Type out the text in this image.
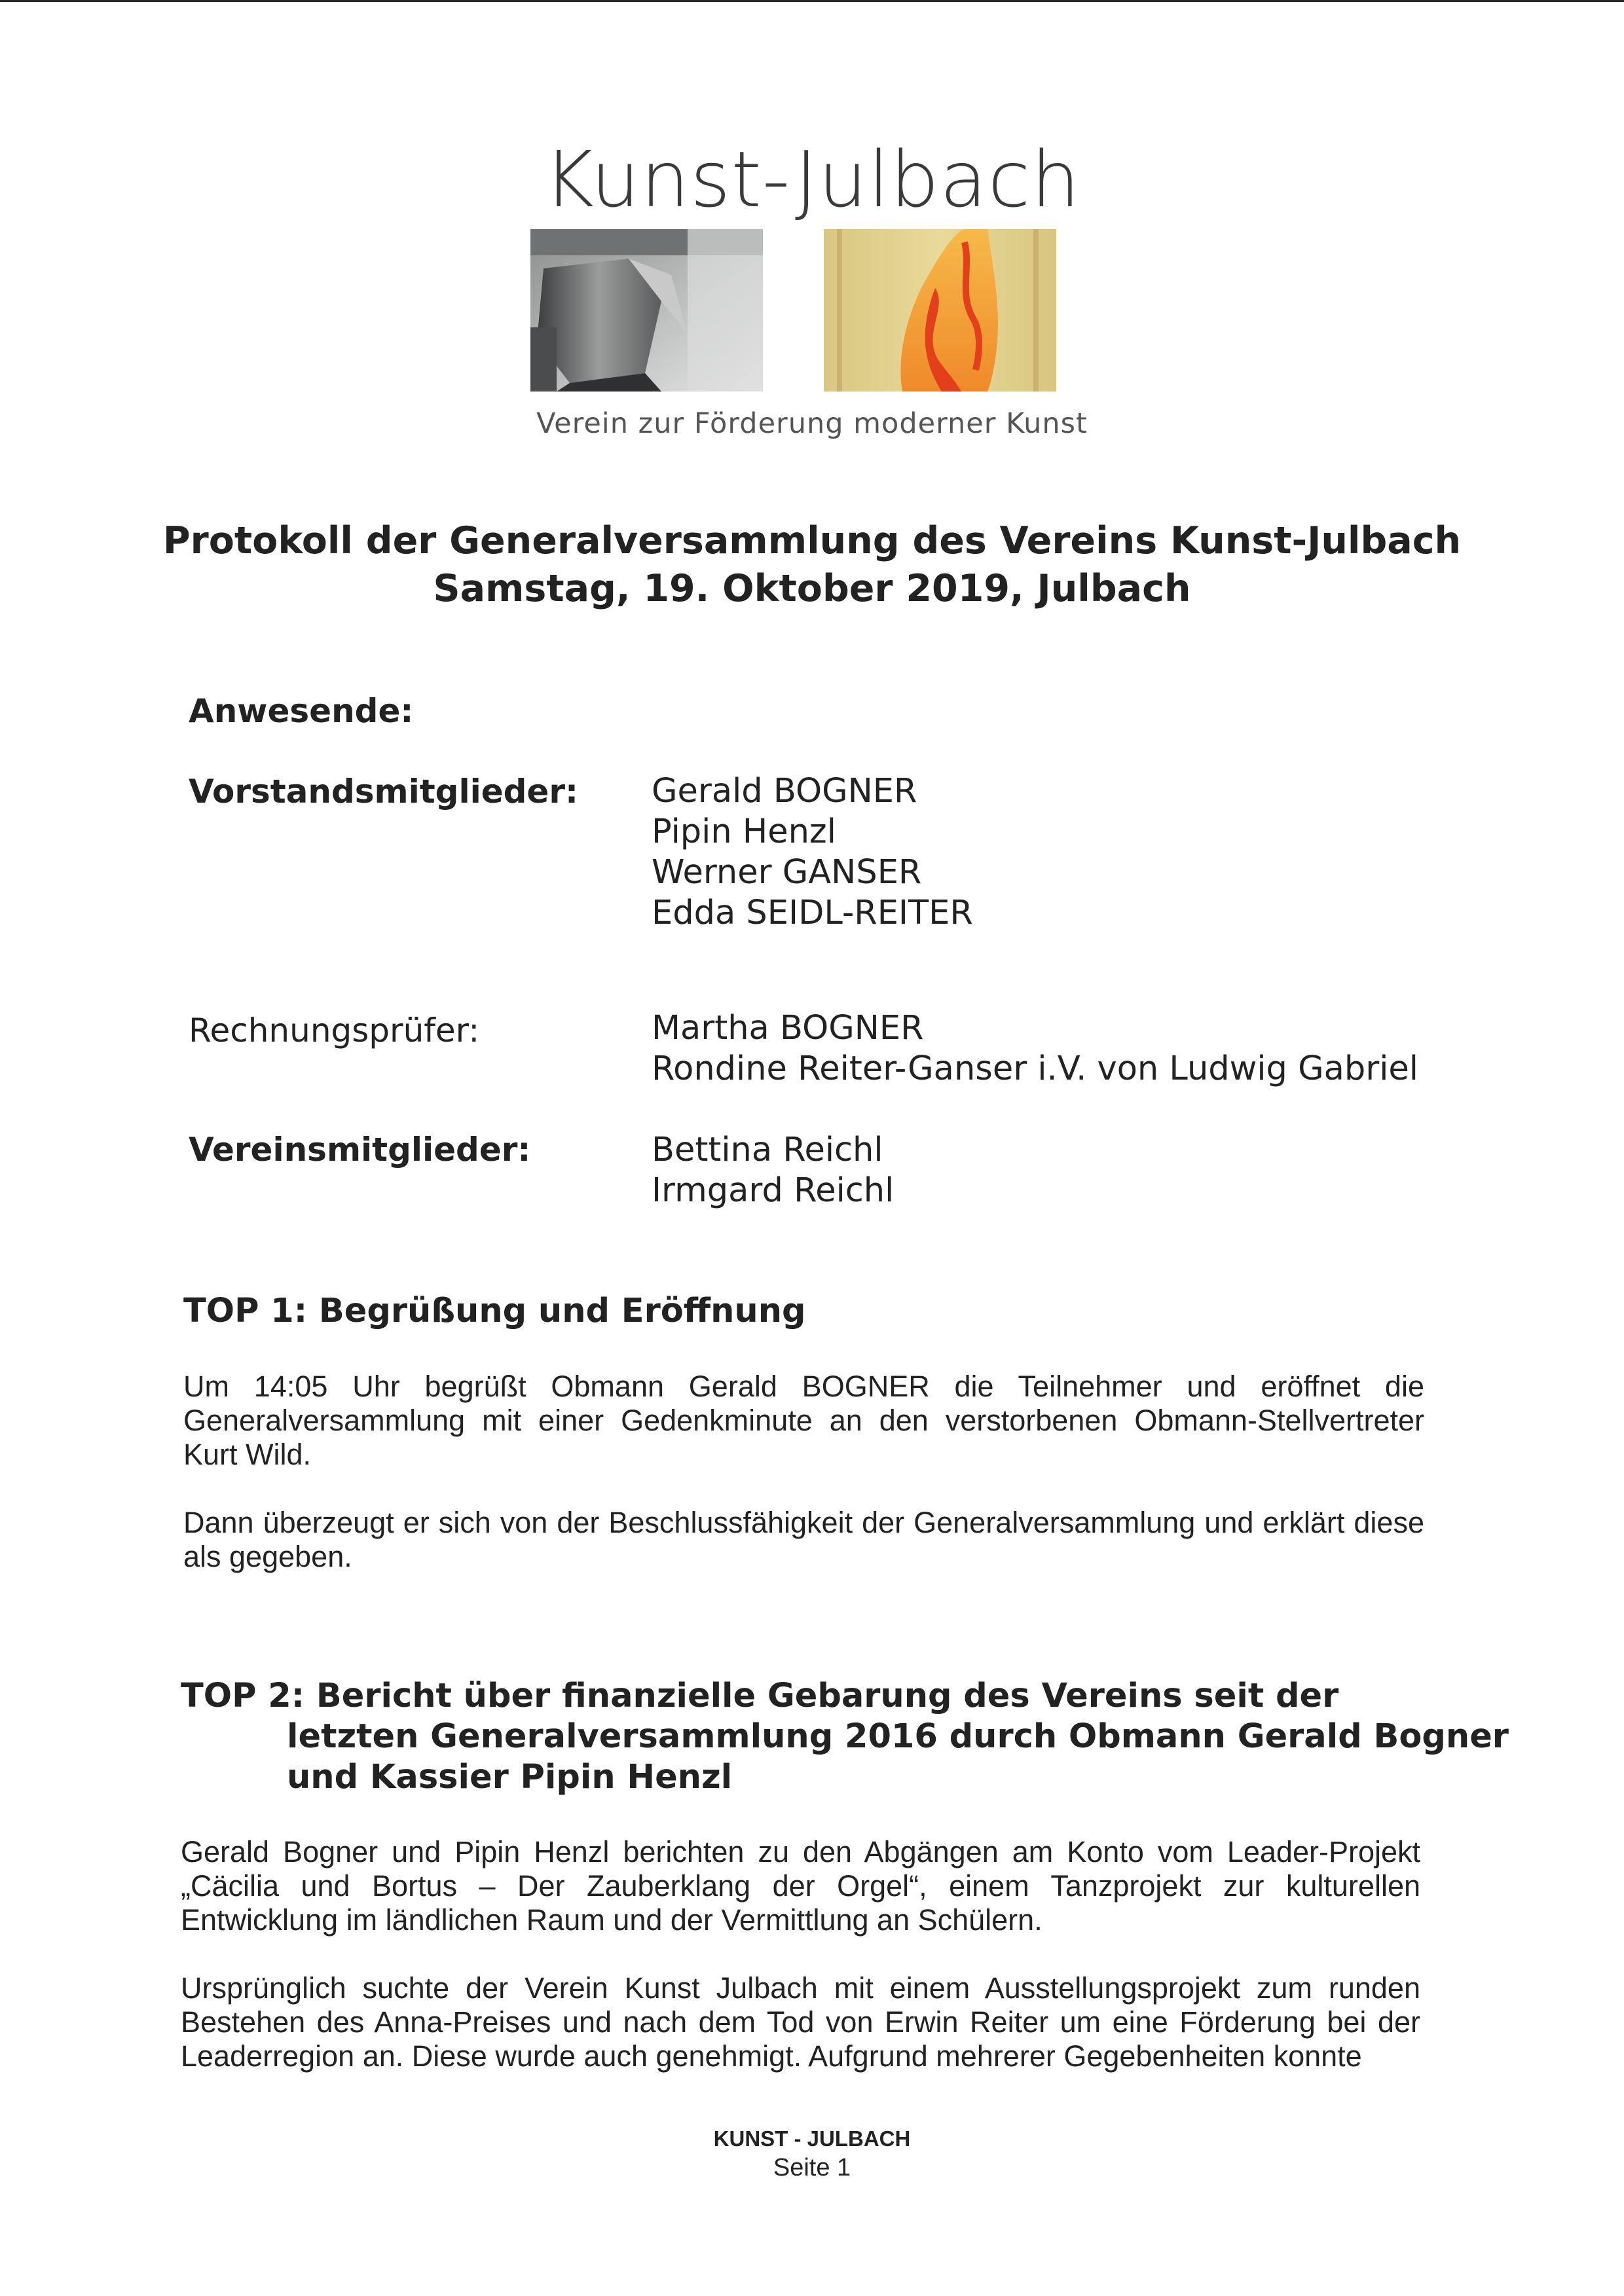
Kunst-Julbach
Verein zur Förderung moderner Kunst
Protokoll der Generalversammlung des Vereins Kunst-Julbach
Samstag, 19. Oktober 2019, Julbach
Anwesende:
Vorstandsmitglieder: Gerald BOGNER
Pipin Henzl
Werner GANSER
Edda SEIDL-REITER
Rechnungsprüfer:	Martha BOGNER
Rondine Reiter-Ganser i.V. von Ludwig Gabriel
Vereinsmitglieder:	Bettina Reichl
Irmgard Reichl
TOP 1: Begrüßung und Eröffnung
Um 14:05 Uhr begrüßt Obmann Gerald BOGNER die Teilnehmer und eröffnet die Generalversammlung mit einer Gedenkminute an den verstorbenen Obmann-Stellvertreter Kurt Wild.
Dann überzeugt er sich von der Beschlussfähigkeit der Generalversammlung und erklärt diese als gegeben.
TOP 2: Bericht über finanzielle Gebarung des Vereins seit der
letzten Generalversammlung 2016 durch Obmann Gerald Bogner
und Kassier Pipin Henzl
Gerald Bogner und Pipin Henzl berichten zu den Abgängen am Konto vom Leader-Projekt „Cäcilia und Bortus – Der Zauberklang der Orgel“, einem Tanzprojekt zur kulturellen Entwicklung im ländlichen Raum und der Vermittlung an Schülern.
Ursprünglich suchte der Verein Kunst Julbach mit einem Ausstellungsprojekt zum runden Bestehen des Anna-Preises und nach dem Tod von Erwin Reiter um eine Förderung bei der Leaderregion an. Diese wurde auch genehmigt. Aufgrund mehrerer Gegebenheiten konnte
KUNST - JULBACH
Seite 1
